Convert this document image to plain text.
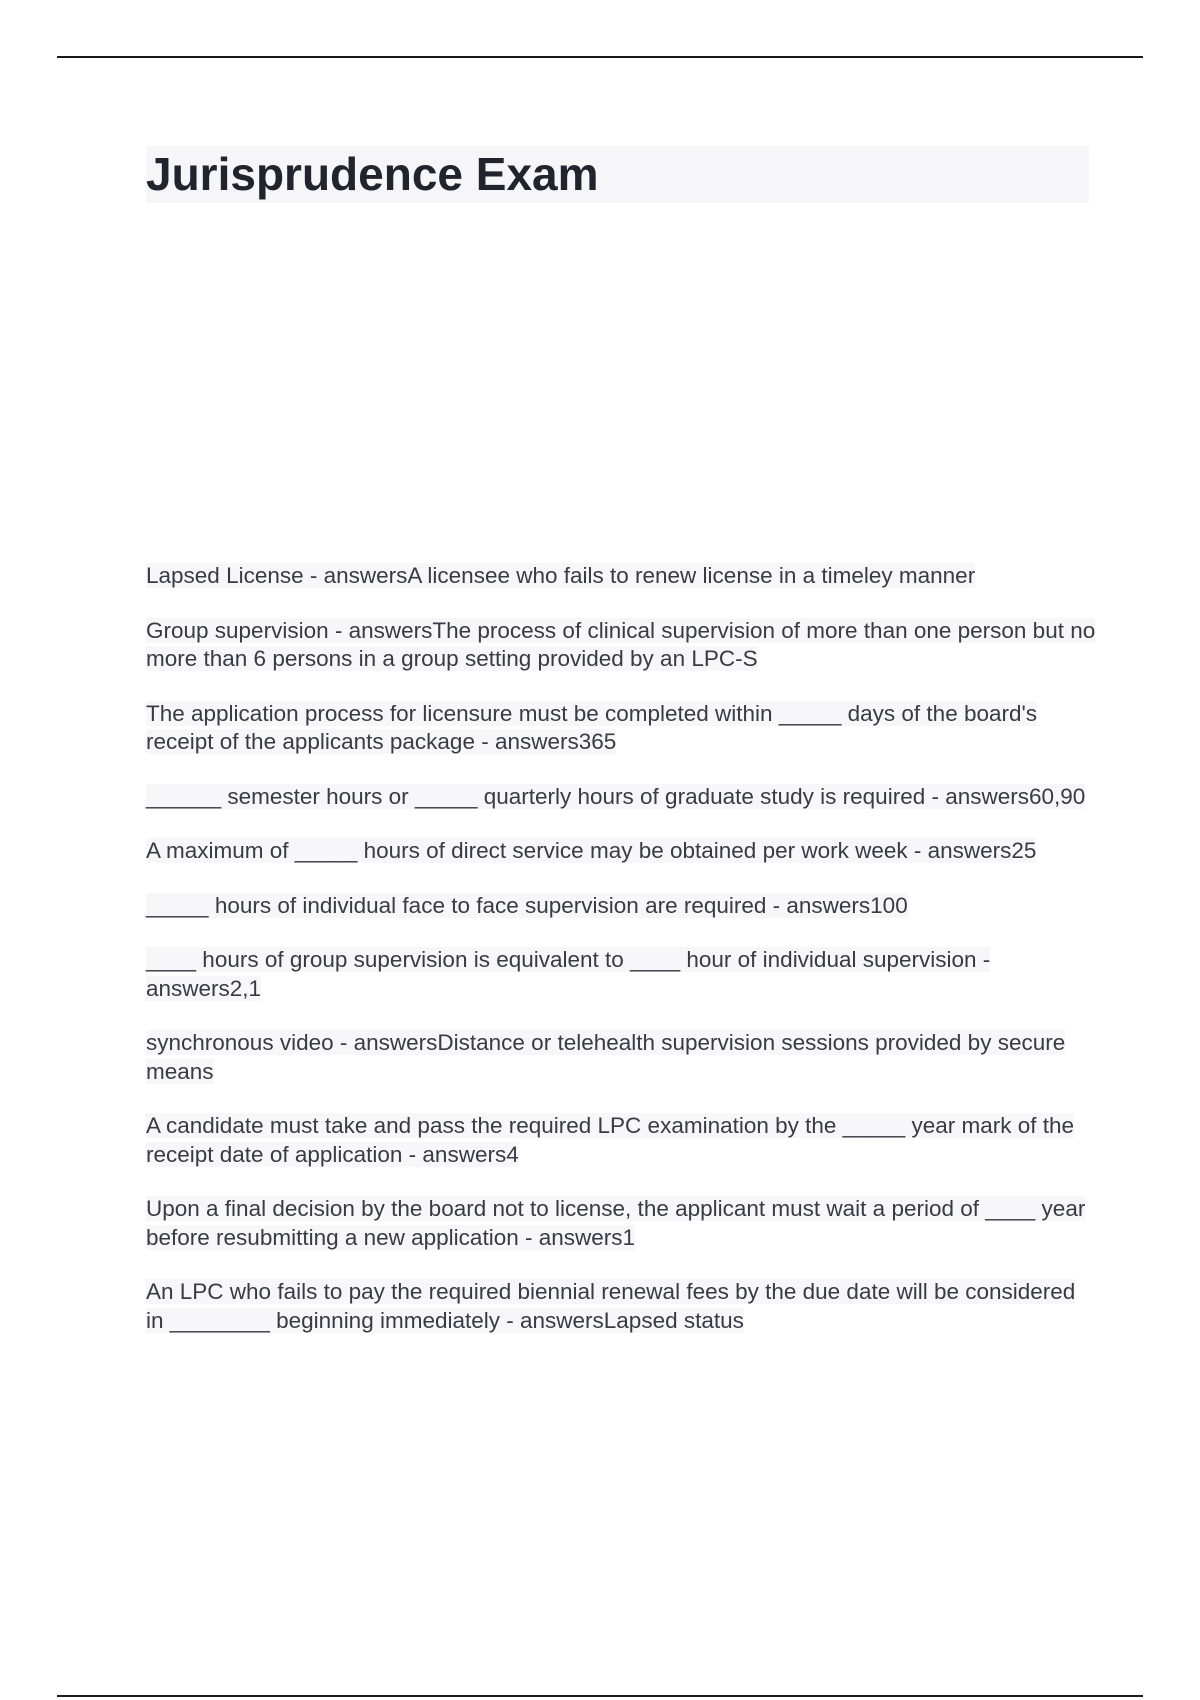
Jurisprudence Exam
Lapsed License - answersA licensee who fails to renew license in a timeley manner
Group supervision - answersThe process of clinical supervision of more than one person but no more than 6 persons in a group setting provided by an LPC-S
The application process for licensure must be completed within _____ days of the board's receipt of the applicants package - answers365
______ semester hours or _____ quarterly hours of graduate study is required - answers60,90
A maximum of _____ hours of direct service may be obtained per work week - answers25
_____ hours of individual face to face supervision are required - answers100
____ hours of group supervision is equivalent to ____ hour of individual supervision - answers2,1
synchronous video - answersDistance or telehealth supervision sessions provided by secure means
A candidate must take and pass the required LPC examination by the _____ year mark of the receipt date of application - answers4
Upon a final decision by the board not to license, the applicant must wait a period of ____ year before resubmitting a new application - answers1
An LPC who fails to pay the required biennial renewal fees by the due date will be considered in ________ beginning immediately - answersLapsed status
